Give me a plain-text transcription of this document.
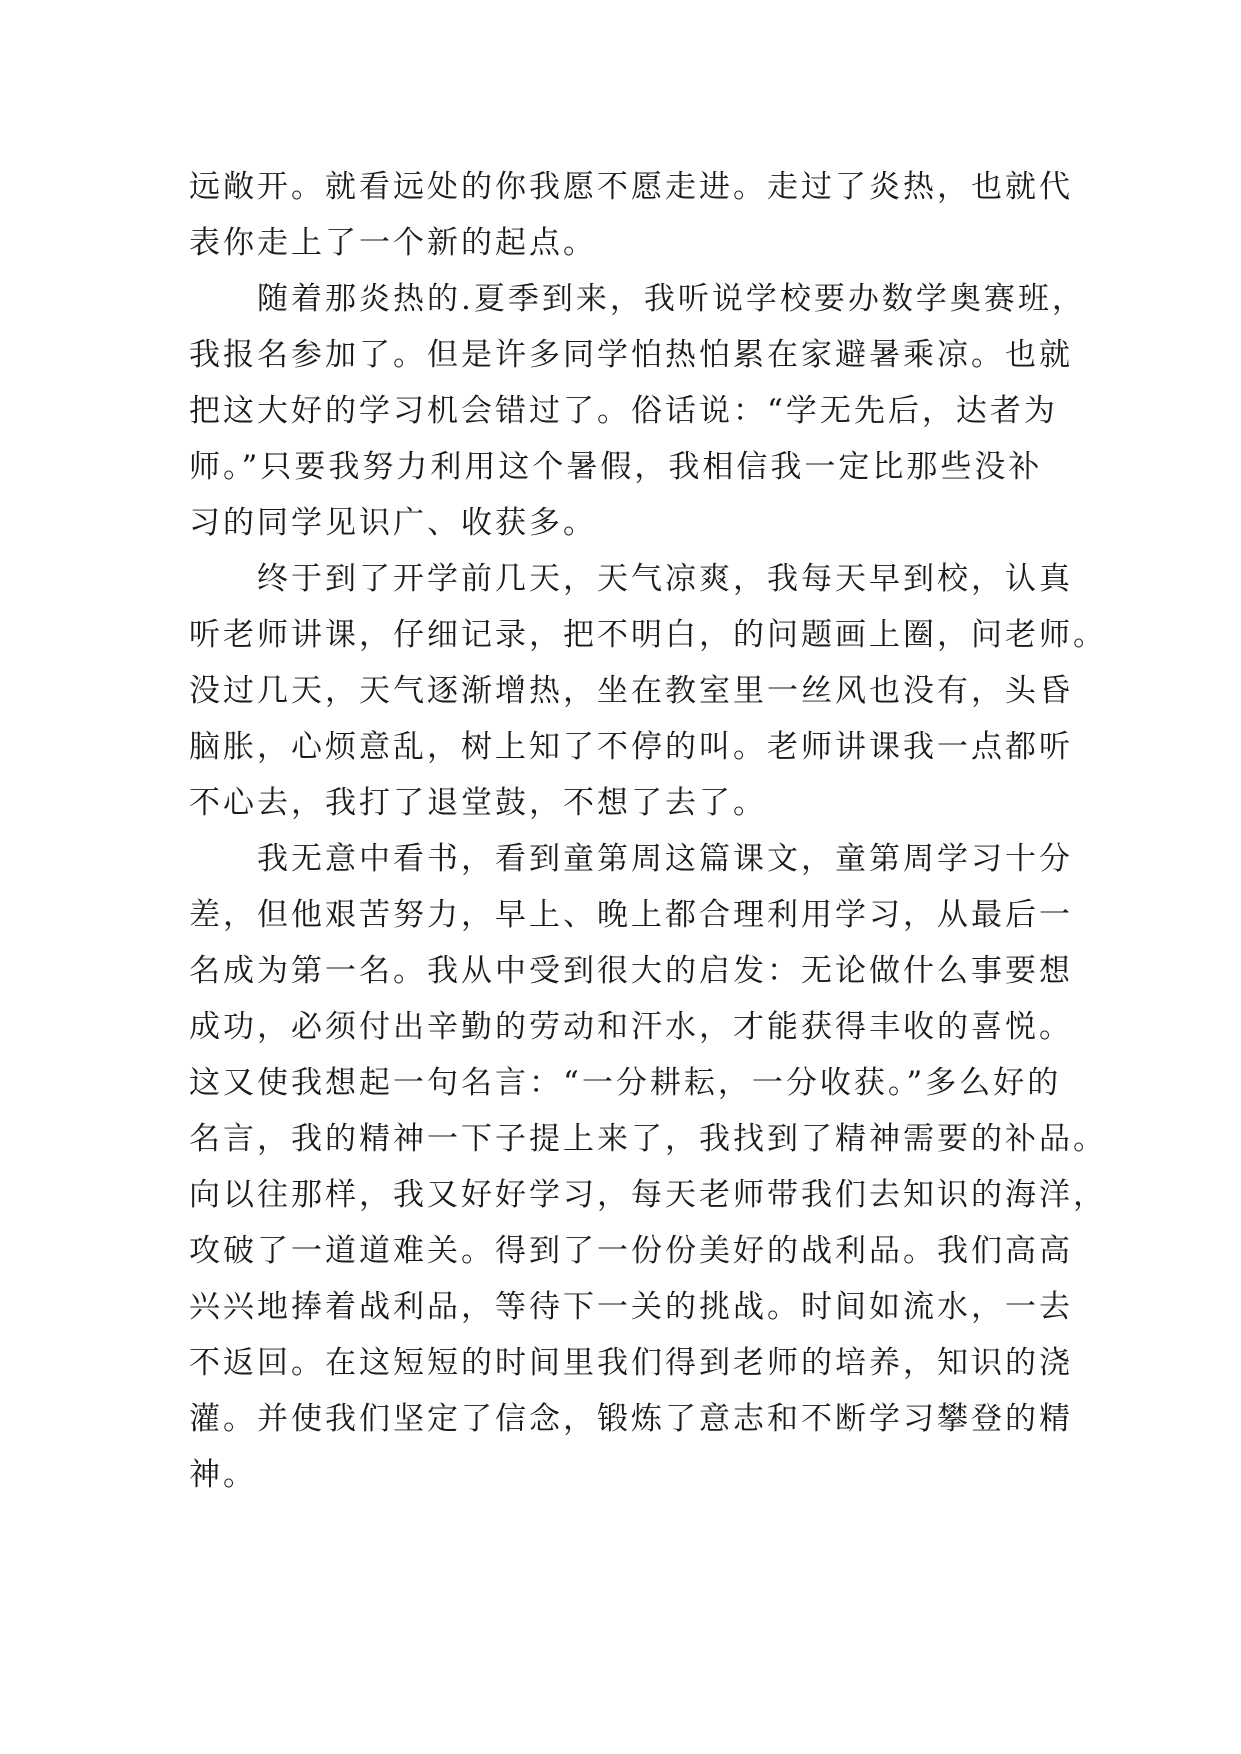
远敞开。就看远处的你我愿不愿走进。走过了炎热，也就代
表你走上了一个新的起点。
　　随着那炎热的.夏季到来，我听说学校要办数学奥赛班，
我报名参加了。但是许多同学怕热怕累在家避暑乘凉。也就
把这大好的学习机会错过了。俗话说：“学无先后，达者为
师。”只要我努力利用这个暑假，我相信我一定比那些没补
习的同学见识广、收获多。
　　终于到了开学前几天，天气凉爽，我每天早到校，认真
听老师讲课，仔细记录，把不明白，的问题画上圈，问老师。
没过几天，天气逐渐增热，坐在教室里一丝风也没有，头昏
脑胀，心烦意乱，树上知了不停的叫。老师讲课我一点都听
不心去，我打了退堂鼓，不想了去了。
　　我无意中看书，看到童第周这篇课文，童第周学习十分
差，但他艰苦努力，早上、晚上都合理利用学习，从最后一
名成为第一名。我从中受到很大的启发：无论做什么事要想
成功，必须付出辛勤的劳动和汗水，才能获得丰收的喜悦。
这又使我想起一句名言：“一分耕耘，一分收获。”多么好的
名言，我的精神一下子提上来了，我找到了精神需要的补品。
向以往那样，我又好好学习，每天老师带我们去知识的海洋，
攻破了一道道难关。得到了一份份美好的战利品。我们高高
兴兴地捧着战利品，等待下一关的挑战。时间如流水，一去
不返回。在这短短的时间里我们得到老师的培养，知识的浇
灌。并使我们坚定了信念，锻炼了意志和不断学习攀登的精
神。
